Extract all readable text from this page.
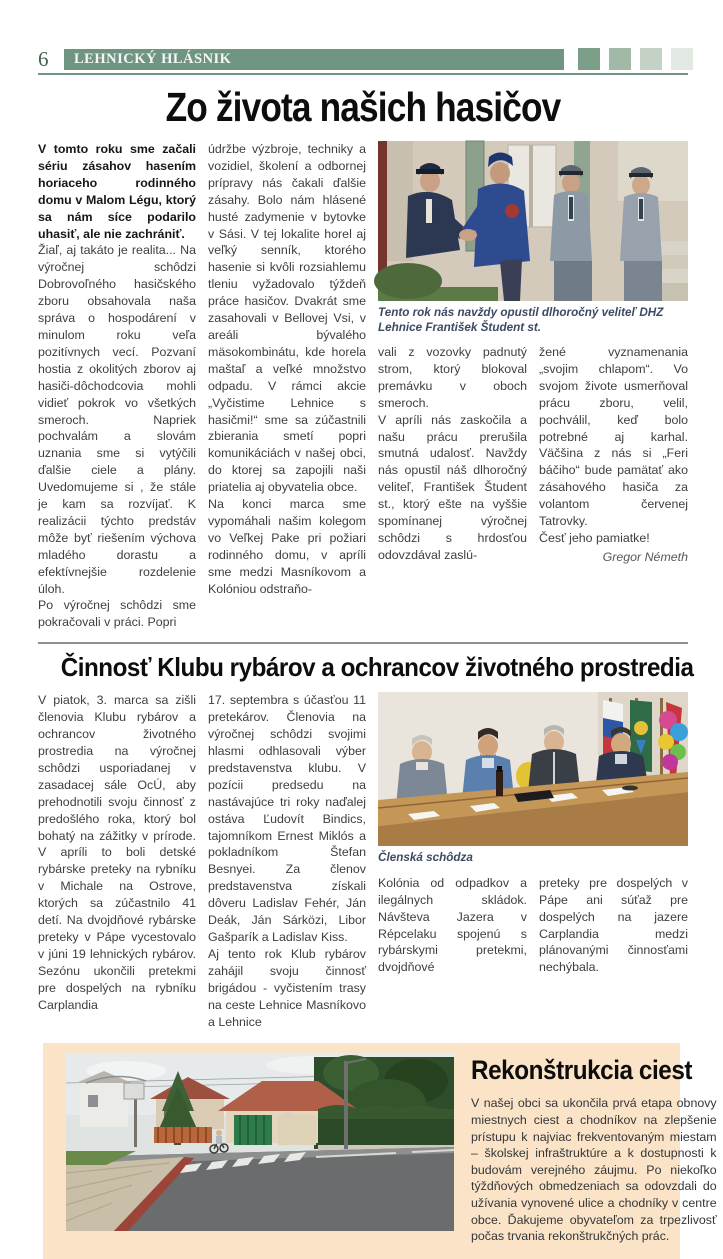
6	LEHNICKÝ HLÁSNIK
Zo života našich hasičov

V tomto roku sme začali sériu zásahov hasením horiaceho rodinného domu v Malom Légu, ktorý sa nám síce podarilo uhasiť, ale nie zachrániť.

Žiaľ, aj takáto je realita... Na výročnej schôdzi Dobrovoľného hasičského zboru obsahovala naša správa o hospodárení v minulom roku veľa pozitívnych vecí. Pozvaní hostia z okolitých zborov aj hasiči-dôchodcovia mohli vidieť pokrok vo všetkých smeroch. Napriek pochvalám a slovám uznania sme si vytýčili ďalšie ciele a plány. Uvedomujeme si , že stále je kam sa rozvíjať. K realizácii týchto predstáv môže byť riešením výchova mladého dorastu a efektívnejšie rozdelenie úloh.

Po výročnej schôdzi sme pokračovali v práci. Popri

údržbe výzbroje, techniky a vozidiel, školení a odbornej prípravy nás čakali ďalšie zásahy. Bolo nám hlásené husté zadymenie v bytovke v Sási. V tej lokalite horel aj veľký senník, ktorého hasenie si kvôli rozsiahlemu tleniu vyžadovalo týždeň práce hasičov. Dvakrát sme zasahovali v Bellovej Vsi, v areáli bývalého mäsokombinátu, kde horela maštaľ a veľké množstvo odpadu. V rámci akcie „Vyčistime Lehnice s hasičmi!“ sme sa zúčastnili zbierania smetí popri komunikáciách v našej obci, do ktorej sa zapojili naši priatelia aj obyvatelia obce.

Na konci marca sme vypomáhali našim kolegom vo Veľkej Pake pri požiari rodinného domu, v apríli sme medzi Masníkovom a Kolóniou odstraňo-

Tento rok nás navždy opustil dlhoročný veliteľ DHZ Lehnice František Študent st.

vali z vozovky padnutý strom, ktorý blokoval premávku v oboch smeroch.

V apríli nás zaskočila a našu prácu prerušila smutná udalosť. Navždy nás opustil náš dlhoročný veliteľ, František Študent st., ktorý ešte na vyššie spomínanej výročnej schôdzi s hrdosťou odovzdával zaslú-

žené vyznamenania „svojim chlapom“. Vo svojom živote usmerňoval prácu zboru, velil, pochválil, keď bolo potrebné aj karhal. Väčšina z nás si „Feri báčiho“ bude pamätať ako zásahového hasiča za volantom červenej Tatrovky.

Česť jeho pamiatke!

Gregor Németh

Činnosť Klubu rybárov a ochrancov životného prostredia

V piatok, 3. marca sa zišli členovia Klubu rybárov a ochrancov životného prostredia na výročnej schôdzi usporiadanej v zasadacej sále OcÚ, aby prehodnotili svoju činnosť z predošlého roka, ktorý bol bohatý na zážitky v prírode. V apríli to boli detské rybárske preteky na rybníku v Michale na Ostrove, ktorých sa zúčastnilo 41 detí. Na dvojdňové rybárske preteky v Pápe vycestovalo v júni 19 lehnických rybárov. Sezónu ukončili pretekmi pre dospelých na rybníku Carplandia

17. septembra s účasťou 11 pretekárov. Členovia na výročnej schôdzi svojimi hlasmi odhlasovali výber predstavenstva klubu. V pozícii predsedu na nastávajúce tri roky naďalej ostáva Ľudovít Bindics, tajomníkom Ernest Miklós a pokladníkom Štefan Besnyei. Za členov predstavenstva získali dôveru Ladislav Fehér, Ján Deák, Ján Sárközi, Libor Gašparík a Ladislav Kiss.

Aj tento rok Klub rybárov zahájil svoju činnosť brigádou - vyčistením trasy na ceste Lehnice Masníkovo a Lehnice

Členská schôdza

Kolónia od odpadkov a ilegálnych skládok. Návšteva Jazera v Répcelaku spojenú s rybárskymi pretekmi, dvojdňové

preteky pre dospelých v Pápe ani súťaž pre dospelých na jazere Carplandia medzi plánovanými činnosťami nechýbala.

Rekonštrukcia ciest

V našej obci sa ukončila prvá etapa obnovy miestnych ciest a chodníkov na zlepšenie prístupu k najviac frekventovaným miestam – školskej infraštruktúre a k dostupnosti k budovám verejného záujmu. Po niekoľko týždňových obmedzeniach sa odovzdali do užívania vynovené ulice a chodníky v centre obce. Ďakujeme obyvateľom za trpezlivosť počas trvania rekonštrukčných prác.
